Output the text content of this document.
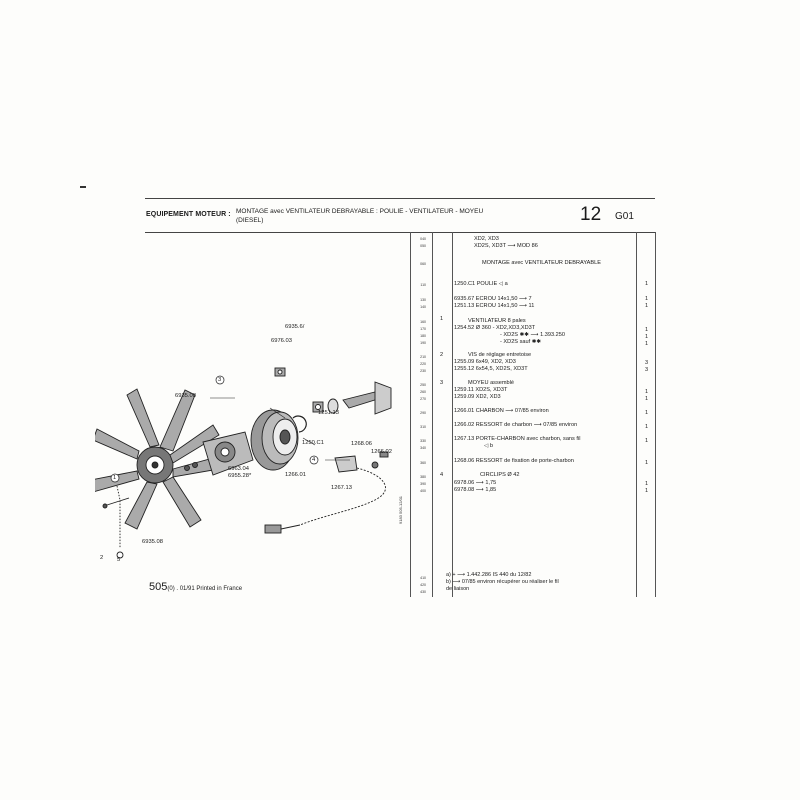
EQUIPEMENT MOTEUR : MONTAGE avec VENTILATEUR DEBRAYABLE : POULIE - VENTILATEUR - MOYEU
(DIESEL)	12 G01
6935.6/
6976.03
6935.08
1251.13
1250.C1	1268.06
1266.02
1266.01
1267.13
6963.04
6955.28*
6935.08
1
2
3
4
5
040	XD2, XD3
050	XD2S, XD3T ⟶ MOD 86
060	MONTAGE avec VENTILATEUR DEBRAYABLE
110	1250.C1 POULIE ◁ a	1
130	6935.67 ECROU 14x1,50 ⟶ 7	1
140	1251.13 ECROU 14x1,50 ⟶ 11	1
160	1	VENTILATEUR 8 pales
170	1254.52 Ø 360 - XD2,XD3,XD3T	1
180	- XD2S ✱✱ ⟶ 1.393.250	1
190	- XD2S sauf ✱✱	1
210	2	VIS de réglage entretoise
220	1255.09 6x49, XD2, XD3	3
230	1255.12 6x54,5, XD2S, XD3T	3
250	3	MOYEU assemblé
260	1259.11 XD2S, XD3T	1
270	1259.09 XD2, XD3	1
290	1266.01 CHARBON ⟶ 07/85 environ	1
310	1266.02 RESSORT de charbon ⟶ 07/85 environ	1
330	1267.13 PORTE-CHARBON avec charbon, sans fil	1
340	◁ b
360	1268.06 RESSORT de fixation de porte-charbon	1
380	4	CIRCLIPS Ø 42
390	6978.06 ⟶ 1,75	1
400	6978.08 ⟶ 1,85	1
410
420
430
a) + ⟶ 1.442.286 IS 440 du 12/82
b) ⟶ 07/85 environ récupérer ou réaliser le fil
de liaison
9183 505-12/01
505(0) . 01/91 Printed in France
